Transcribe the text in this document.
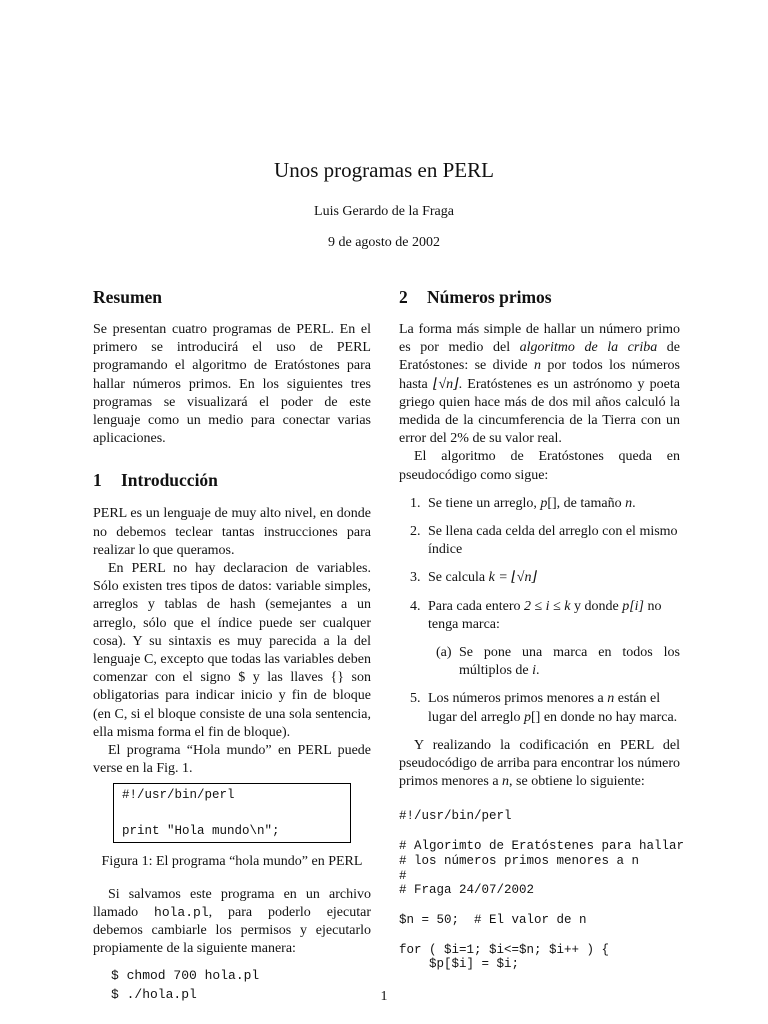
Unos programas en PERL
Luis Gerardo de la Fraga
9 de agosto de 2002
Resumen

Se presentan cuatro programas de PERL. En el primero se introducirá el uso de PERL programando el algoritmo de Eratóstones para hallar números primos. En los siguientes tres programas se visualizará el poder de este lenguaje como un medio para conectar varias aplicaciones.

1 Introducción

PERL es un lenguaje de muy alto nivel, en donde no debemos teclear tantas instrucciones para realizar lo que queramos.

En PERL no hay declaracion de variables. Sólo existen tres tipos de datos: variable simples, arreglos y tablas de hash (semejantes a un arreglo, sólo que el índice puede ser cualquer cosa). Y su sintaxis es muy parecida a la del lenguaje C, excepto que todas las variables deben comenzar con el signo $ y las llaves {} son obligatorias para indicar inicio y fin de bloque (en C, si el bloque consiste de una sola sentencia, ella misma forma el fin de bloque).

El programa “Hola mundo” en PERL puede verse en la Fig. 1.

#!/usr/bin/perl

print "Hola mundo\n";
Figura 1: El programa “hola mundo” en PERL

Si salvamos este programa en un archivo llamado hola.pl, para poderlo ejecutar debemos cambiarle los permisos y ejecutarlo propiamente de la siguiente manera:

$ chmod 700 hola.pl
$ ./hola.pl
2 Números primos

La forma más simple de hallar un número primo es por medio del algoritmo de la criba de Eratóstones: se divide n por todos los números hasta ⌊√n⌋. Eratóstenes es un astrónomo y poeta griego quien hace más de dos mil años calculó la medida de la cincumferencia de la Tierra con un error del 2% de su valor real.

El algoritmo de Eratóstones queda en pseudocódigo como sigue:

1. Se tiene un arreglo, p[], de tamaño n.
2. Se llena cada celda del arreglo con el mismo índice
3. Se calcula k = ⌊√n⌋
4. Para cada entero 2 ≤ i ≤ k y donde p[i] no tenga marca:
(a) Se pone una marca en todos los múltiplos de i.
5. Los números primos menores a n están el lugar del arreglo p[] en donde no hay marca.

Y realizando la codificación en PERL del pseudocódigo de arriba para encontrar los número primos menores a n, se obtiene lo siguiente:

#!/usr/bin/perl

# Algorimto de Eratóstenes para hallar
# los números primos menores a n
#
# Fraga 24/07/2002

$n = 50;  # El valor de n

for ( $i=1; $i<=$n; $i++ ) {
$p[$i] = $i;
1
